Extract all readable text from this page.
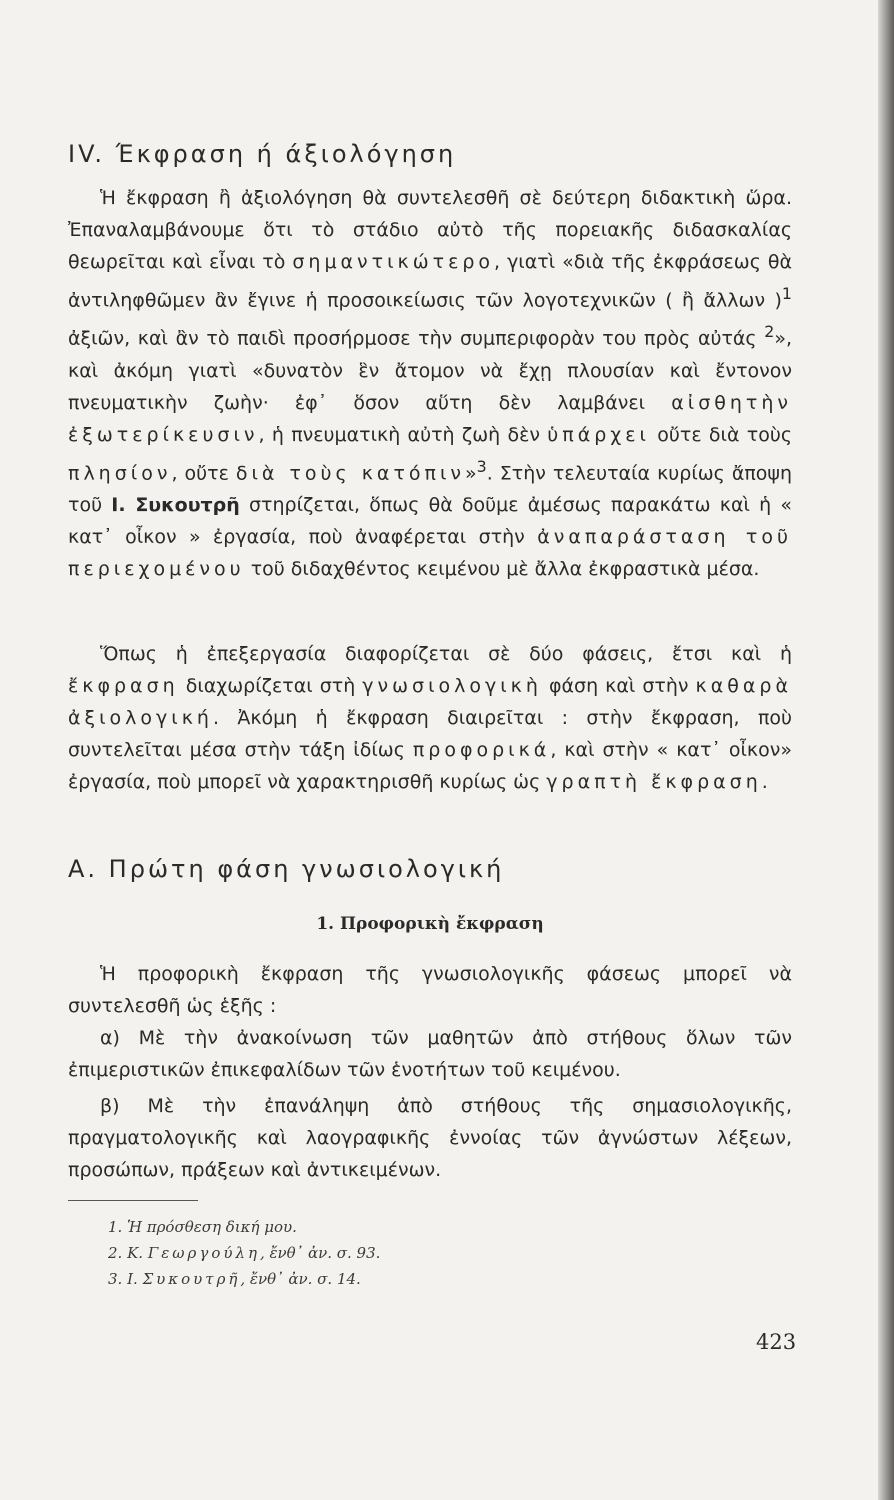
IV. Έκφραση ή άξιολόγηση

Ἡ ἔκφραση ἢ ἀξιολόγηση θὰ συντελεσθῆ σὲ δεύτερη διδακτικὴ ὥρα. Ἐπαναλαμβάνουμε ὅτι τὸ στάδιο αὐτὸ τῆς πορειακῆς διδασκαλίας θεωρεῖται καὶ εἶναι τὸ σημαντικώτερο, γιατὶ «διὰ τῆς ἐκφράσεως θὰ ἀντιληφθῶμεν ἂν ἔγινε ἡ προσοικείωσις τῶν λογοτεχνικῶν ( ἢ ἄλλων )$^1$ ἀξιῶν, καὶ ἂν τὸ παιδὶ προσήρμοσε τὴν συμπεριφορὰν του πρὸς αὐτάς $^2$», καὶ ἀκόμη γιατὶ «δυνατὸν ἓν ἄτομον νὰ ἔχῃ πλουσίαν καὶ ἔντονον πνευματικὴν ζωὴν· ἐφ᾽ ὅσον αὕτη δὲν λαμβάνει αἰσθητὴν ἐξωτερίκευσιν, ἡ πνευματικὴ αὐτὴ ζωὴ δὲν ὑπάρχει οὔτε διὰ τοὺς πλησίον, οὔτε διὰ τοὺς κατόπιν»$^3$. Στὴν τελευταία κυρίως ἄποψη τοῦ Ι. Συκουτρῆ στηρίζεται, ὅπως θὰ δοῦμε ἀμέσως παρακάτω καὶ ἡ « κατ᾽ οἶκον » ἐργασία, ποὺ ἀναφέρεται στὴν ἀναπαράσταση τοῦ περιεχομένου τοῦ διδαχθέντος κειμένου μὲ ἄλλα ἐκφραστικὰ μέσα.

Ὅπως ἡ ἐπεξεργασία διαφορίζεται σὲ δύο φάσεις, ἔτσι καὶ ἡ ἔκφραση διαχωρίζεται στὴ γνωσιολογικὴ φάση καὶ στὴν καθαρὰ ἀξιολογική. Ἀκόμη ἡ ἔκφραση διαιρεῖται : στὴν ἔκφραση, ποὺ συντελεῖται μέσα στὴν τάξη ἰδίως προφορικά, καὶ στὴν « κατ᾽ οἶκον» ἐργασία, ποὺ μπορεῖ νὰ χαρακτηρισθῆ κυρίως ὡς γραπτὴ ἔκφραση.

Α. Πρώτη φάση γνωσιολογική
1. Προφορικὴ ἔκφραση

Ἡ προφορικὴ ἔκφραση τῆς γνωσιολογικῆς φάσεως μπορεῖ νὰ συντελεσθῆ ὡς ἑξῆς :

α) Μὲ τὴν ἀνακοίνωση τῶν μαθητῶν ἀπὸ στήθους ὅλων τῶν ἐπιμεριστικῶν ἐπικεφαλίδων τῶν ἑνοτήτων τοῦ κειμένου.

β) Μὲ τὴν ἐπανάληψη ἀπὸ στήθους τῆς σημασιολογικῆς, πραγματολογικῆς καὶ λαογραφικῆς ἐννοίας τῶν ἀγνώστων λέξεων, προσώπων, πράξεων καὶ ἀντικειμένων.

1. Ἡ πρόσθεση δική μου.
2. Κ. Γεωργούλη, ἔνθ᾽ ἀν. σ. 93.
3. Ι. Συκουτρῆ, ἔνθ᾽ ἀν. σ. 14.

423
